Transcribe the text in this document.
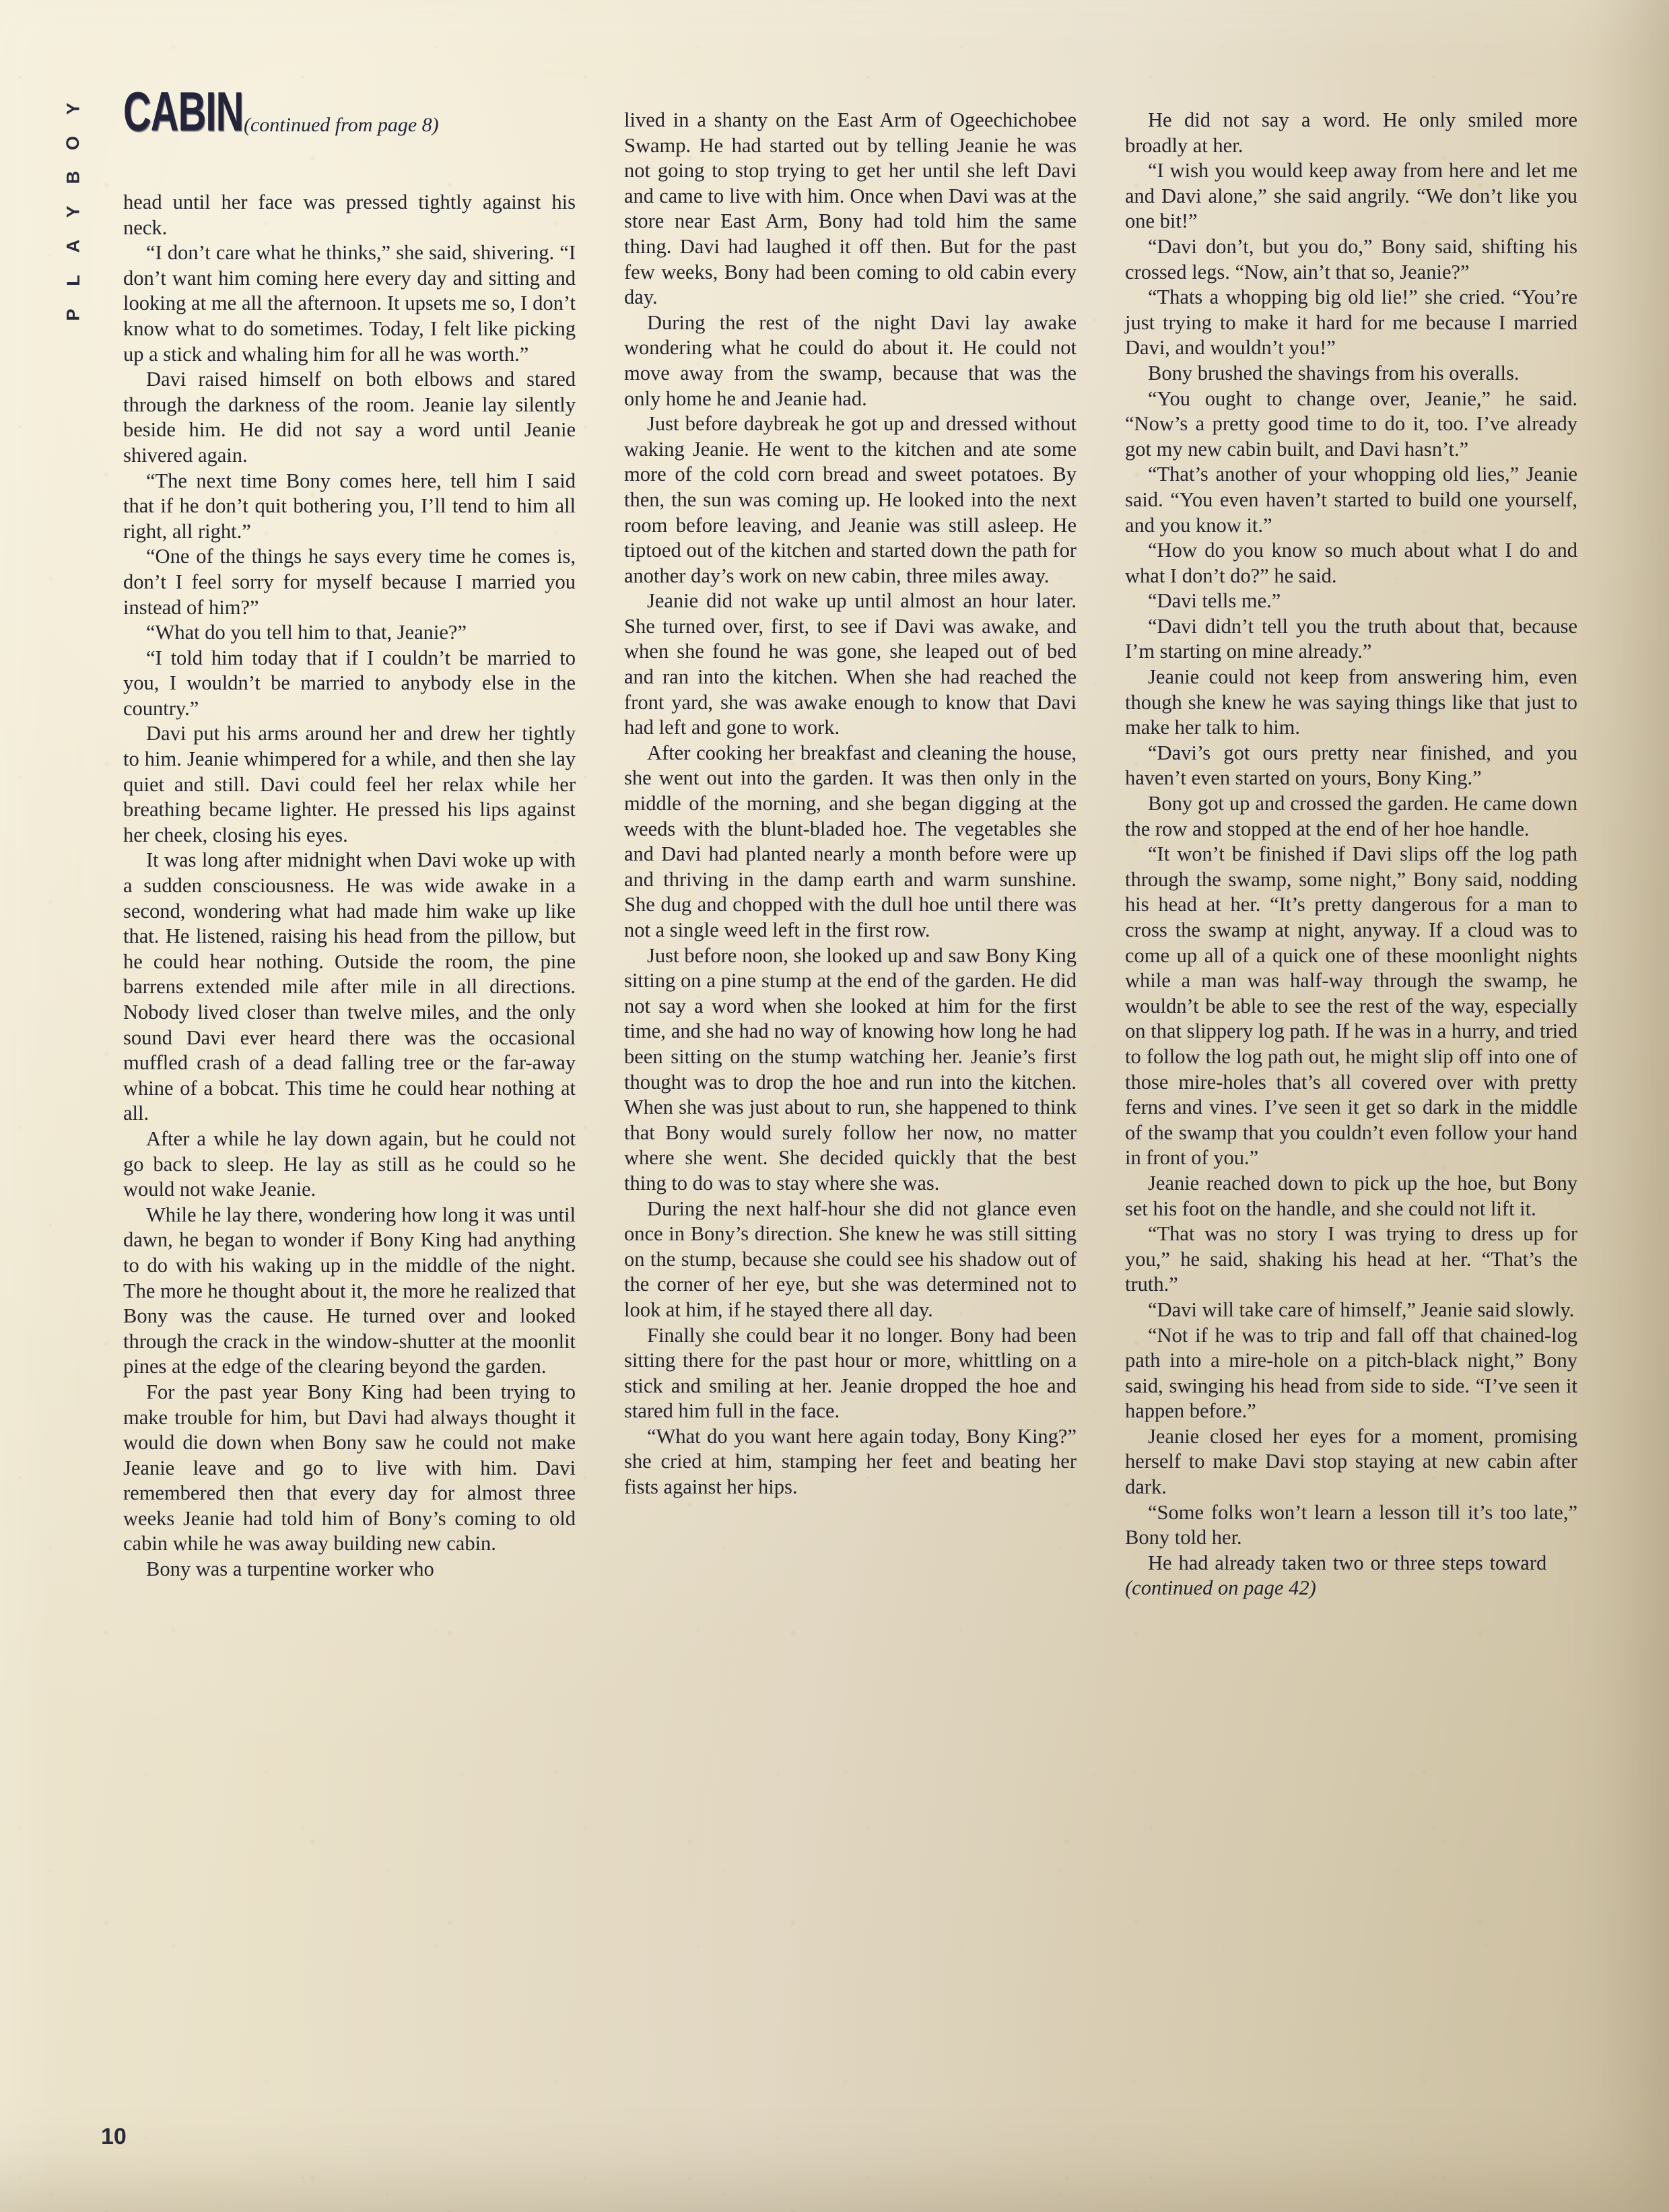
Y
O
B
Y
A
L
P
CABIN (continued from page 8)

head until her face was pressed tightly against his neck.

“I don’t care what he thinks,” she said, shivering. “I don’t want him coming here every day and sitting and looking at me all the afternoon. It upsets me so, I don’t know what to do sometimes. Today, I felt like picking up a stick and whaling him for all he was worth.”

Davi raised himself on both elbows and stared through the darkness of the room. Jeanie lay silently beside him. He did not say a word until Jeanie shivered again.

“The next time Bony comes here, tell him I said that if he don’t quit bothering you, I’ll tend to him all right, all right.”

“One of the things he says every time he comes is, don’t I feel sorry for myself because I married you instead of him?”

“What do you tell him to that, Jeanie?”

“I told him today that if I couldn’t be married to you, I wouldn’t be married to anybody else in the country.”

Davi put his arms around her and drew her tightly to him. Jeanie whimpered for a while, and then she lay quiet and still. Davi could feel her relax while her breathing became lighter. He pressed his lips against her cheek, closing his eyes.

It was long after midnight when Davi woke up with a sudden consciousness. He was wide awake in a second, wondering what had made him wake up like that. He listened, raising his head from the pillow, but he could hear nothing. Outside the room, the pine barrens extended mile after mile in all directions. Nobody lived closer than twelve miles, and the only sound Davi ever heard there was the occasional muffled crash of a dead falling tree or the far-away whine of a bobcat. This time he could hear nothing at all.

After a while he lay down again, but he could not go back to sleep. He lay as still as he could so he would not wake Jeanie.

While he lay there, wondering how long it was until dawn, he began to wonder if Bony King had anything to do with his waking up in the middle of the night. The more he thought about it, the more he realized that Bony was the cause. He turned over and looked through the crack in the window-shutter at the moonlit pines at the edge of the clearing beyond the garden.

For the past year Bony King had been trying to make trouble for him, but Davi had always thought it would die down when Bony saw he could not make Jeanie leave and go to live with him. Davi remembered then that every day for almost three weeks Jeanie had told him of Bony’s coming to old cabin while he was away building new cabin.

Bony was a turpentine worker who

lived in a shanty on the East Arm of Ogeechichobee Swamp. He had started out by telling Jeanie he was not going to stop trying to get her until she left Davi and came to live with him. Once when Davi was at the store near East Arm, Bony had told him the same thing. Davi had laughed it off then. But for the past few weeks, Bony had been coming to old cabin every day.

During the rest of the night Davi lay awake wondering what he could do about it. He could not move away from the swamp, because that was the only home he and Jeanie had.

Just before daybreak he got up and dressed without waking Jeanie. He went to the kitchen and ate some more of the cold corn bread and sweet potatoes. By then, the sun was coming up. He looked into the next room before leaving, and Jeanie was still asleep. He tiptoed out of the kitchen and started down the path for another day’s work on new cabin, three miles away.

Jeanie did not wake up until almost an hour later. She turned over, first, to see if Davi was awake, and when she found he was gone, she leaped out of bed and ran into the kitchen. When she had reached the front yard, she was awake enough to know that Davi had left and gone to work.

After cooking her breakfast and cleaning the house, she went out into the garden. It was then only in the middle of the morning, and she began digging at the weeds with the blunt-bladed hoe. The vegetables she and Davi had planted nearly a month before were up and thriving in the damp earth and warm sunshine. She dug and chopped with the dull hoe until there was not a single weed left in the first row.

Just before noon, she looked up and saw Bony King sitting on a pine stump at the end of the garden. He did not say a word when she looked at him for the first time, and she had no way of knowing how long he had been sitting on the stump watching her. Jeanie’s first thought was to drop the hoe and run into the kitchen. When she was just about to run, she happened to think that Bony would surely follow her now, no matter where she went. She decided quickly that the best thing to do was to stay where she was.

During the next half-hour she did not glance even once in Bony’s direction. She knew he was still sitting on the stump, because she could see his shadow out of the corner of her eye, but she was determined not to look at him, if he stayed there all day.

Finally she could bear it no longer. Bony had been sitting there for the past hour or more, whittling on a stick and smiling at her. Jeanie dropped the hoe and stared him full in the face.

“What do you want here again today, Bony King?” she cried at him, stamping her feet and beating her fists against her hips.

He did not say a word. He only smiled more broadly at her.

“I wish you would keep away from here and let me and Davi alone,” she said angrily. “We don’t like you one bit!”

“Davi don’t, but you do,” Bony said, shifting his crossed legs. “Now, ain’t that so, Jeanie?”

“Thats a whopping big old lie!” she cried. “You’re just trying to make it hard for me because I married Davi, and wouldn’t you!”

Bony brushed the shavings from his overalls.

“You ought to change over, Jeanie,” he said. “Now’s a pretty good time to do it, too. I’ve already got my new cabin built, and Davi hasn’t.”

“That’s another of your whopping old lies,” Jeanie said. “You even haven’t started to build one yourself, and you know it.”

“How do you know so much about what I do and what I don’t do?” he said.

“Davi tells me.”

“Davi didn’t tell you the truth about that, because I’m starting on mine already.”

Jeanie could not keep from answering him, even though she knew he was saying things like that just to make her talk to him.

“Davi’s got ours pretty near finished, and you haven’t even started on yours, Bony King.”

Bony got up and crossed the garden. He came down the row and stopped at the end of her hoe handle.

“It won’t be finished if Davi slips off the log path through the swamp, some night,” Bony said, nodding his head at her. “It’s pretty dangerous for a man to cross the swamp at night, anyway. If a cloud was to come up all of a quick one of these moonlight nights while a man was half-way through the swamp, he wouldn’t be able to see the rest of the way, especially on that slippery log path. If he was in a hurry, and tried to follow the log path out, he might slip off into one of those mire-holes that’s all covered over with pretty ferns and vines. I’ve seen it get so dark in the middle of the swamp that you couldn’t even follow your hand in front of you.”

Jeanie reached down to pick up the hoe, but Bony set his foot on the handle, and she could not lift it.

“That was no story I was trying to dress up for you,” he said, shaking his head at her. “That’s the truth.”

“Davi will take care of himself,” Jeanie said slowly.

“Not if he was to trip and fall off that chained-log path into a mire-hole on a pitch-black night,” Bony said, swinging his head from side to side. “I’ve seen it happen before.”

Jeanie closed her eyes for a moment, promising herself to make Davi stop staying at new cabin after dark.

“Some folks won’t learn a lesson till it’s too late,” Bony told her.

He had already taken two or three steps toward  (continued on page 42)

10
